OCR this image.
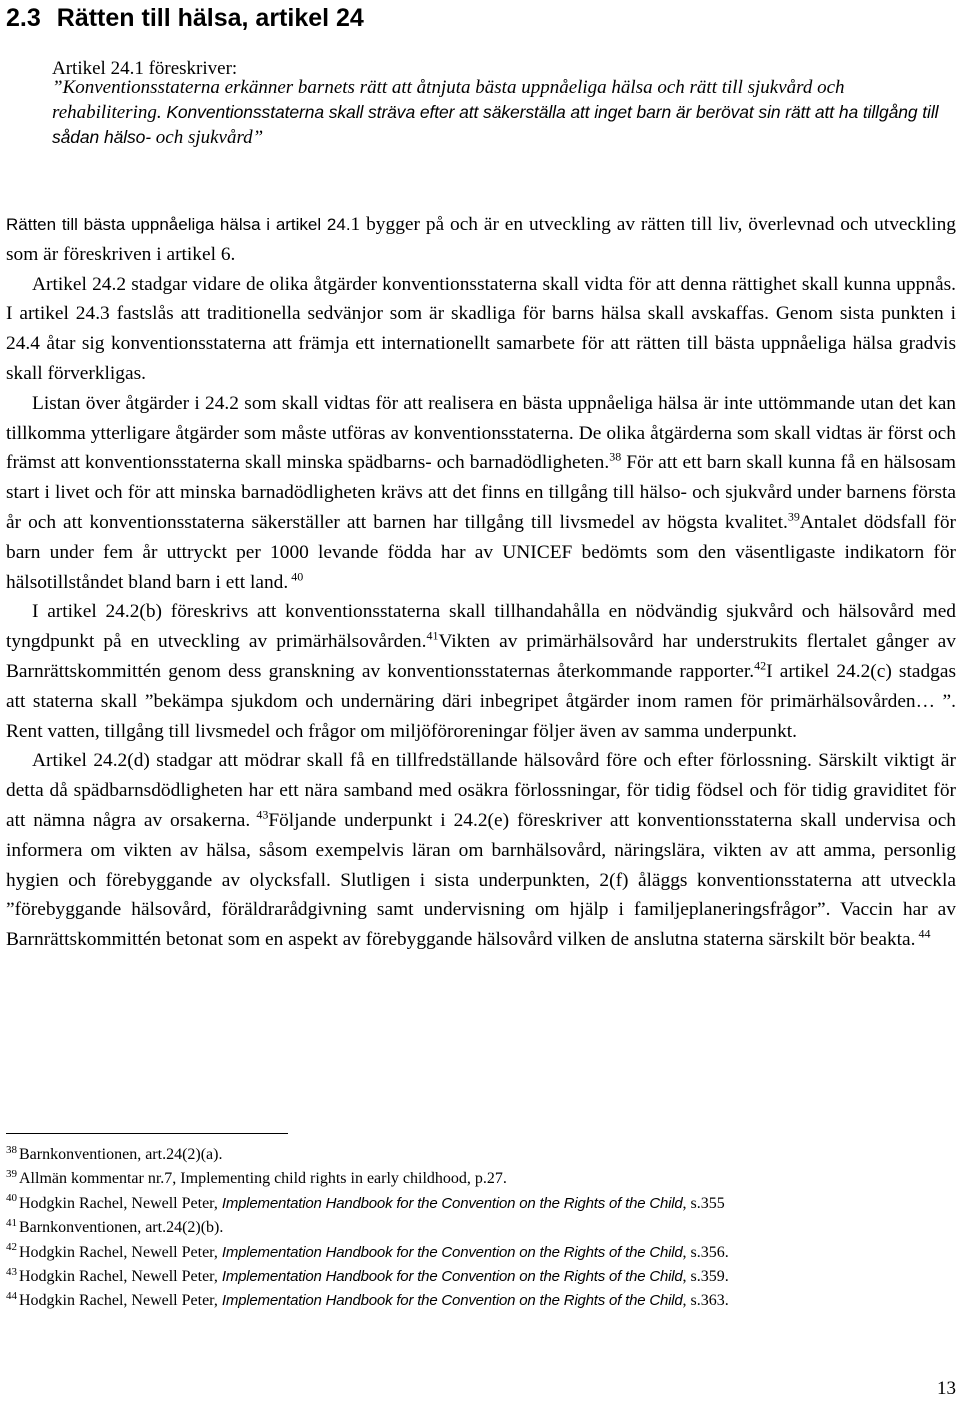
2.3 Rätten till hälsa, artikel 24

Artikel 24.1 föreskriver:

”Konventionsstaterna erkänner barnets rätt att åtnjuta bästa uppnåeliga hälsa och rätt till sjukvård och rehabilitering. Konventionsstaterna skall sträva efter att säkerställa att inget barn är berövat sin rätt att ha tillgång till sådan hälso- och sjukvård”

Rätten till bästa uppnåeliga hälsa i artikel 24.1 bygger på och är en utveckling av rätten till liv, överlevnad och utveckling som är föreskriven i artikel 6.

Artikel 24.2 stadgar vidare de olika åtgärder konventionsstaterna skall vidta för att denna rättighet skall kunna uppnås. I artikel 24.3 fastslås att traditionella sedvänjor som är skadliga för barns hälsa skall avskaffas. Genom sista punkten i 24.4 åtar sig konventionsstaterna att främja ett internationellt samarbete för att rätten till bästa uppnåeliga hälsa gradvis skall förverkligas.

Listan över åtgärder i 24.2 som skall vidtas för att realisera en bästa uppnåeliga hälsa är inte uttömmande utan det kan tillkomma ytterligare åtgärder som måste utföras av konventionsstaterna. De olika åtgärderna som skall vidtas är först och främst att konventionsstaterna skall minska spädbarns- och barnadödligheten.$^{38}$ För att ett barn skall kunna få en hälsosam start i livet och för att minska barnadödligheten krävs att det finns en tillgång till hälso- och sjukvård under barnens första år och att konventionsstaterna säkerställer att barnen har tillgång till livsmedel av högsta kvalitet.$^{39}$Antalet dödsfall för barn under fem år uttryckt per 1000 levande födda har av UNICEF bedömts som den väsentligaste indikatorn för hälsotillståndet bland barn i ett land. $^{40}$

I artikel 24.2(b) föreskrivs att konventionsstaterna skall tillhandahålla en nödvändig sjukvård och hälsovård med tyngdpunkt på en utveckling av primärhälsovården.$^{41}$Vikten av primärhälsovård har understrukits flertalet gånger av Barnrättskommittén genom dess granskning av konventionsstaternas återkommande rapporter.$^{42}$I artikel 24.2(c) stadgas att staterna skall ”bekämpa sjukdom och undernäring däri inbegripet åtgärder inom ramen för primärhälsovården… ”. Rent vatten, tillgång till livsmedel och frågor om miljöföroreningar följer även av samma underpunkt.

Artikel 24.2(d) stadgar att mödrar skall få en tillfredställande hälsovård före och efter förlossning. Särskilt viktigt är detta då spädbarnsdödligheten har ett nära samband med osäkra förlossningar, för tidig födsel och för tidig graviditet för att nämna några av orsakerna. $^{43}$Följande underpunkt i 24.2(e) föreskriver att konventionsstaterna skall undervisa och informera om vikten av hälsa, såsom exempelvis läran om barnhälsovård, näringslära, vikten av att amma, personlig hygien och förebyggande av olycksfall. Slutligen i sista underpunkten, 2(f) åläggs konventionsstaterna att utveckla ”förebyggande hälsovård, föräldrarådgivning samt undervisning om hjälp i familjeplaneringsfrågor”. Vaccin har av Barnrättskommittén betonat som en aspekt av förebyggande hälsovård vilken de anslutna staterna särskilt bör beakta. $^{44}$

$^{38}$ Barnkonventionen, art.24(2)(a).

$^{39}$ Allmän kommentar nr.7, Implementing child rights in early childhood, p.27.

$^{40}$ Hodgkin Rachel, Newell Peter, Implementation Handbook for the Convention on the Rights of the Child, s.355

$^{41}$ Barnkonventionen, art.24(2)(b).

$^{42}$ Hodgkin Rachel, Newell Peter, Implementation Handbook for the Convention on the Rights of the Child, s.356.

$^{43}$ Hodgkin Rachel, Newell Peter, Implementation Handbook for the Convention on the Rights of the Child, s.359.

$^{44}$ Hodgkin Rachel, Newell Peter, Implementation Handbook for the Convention on the Rights of the Child, s.363.

13
